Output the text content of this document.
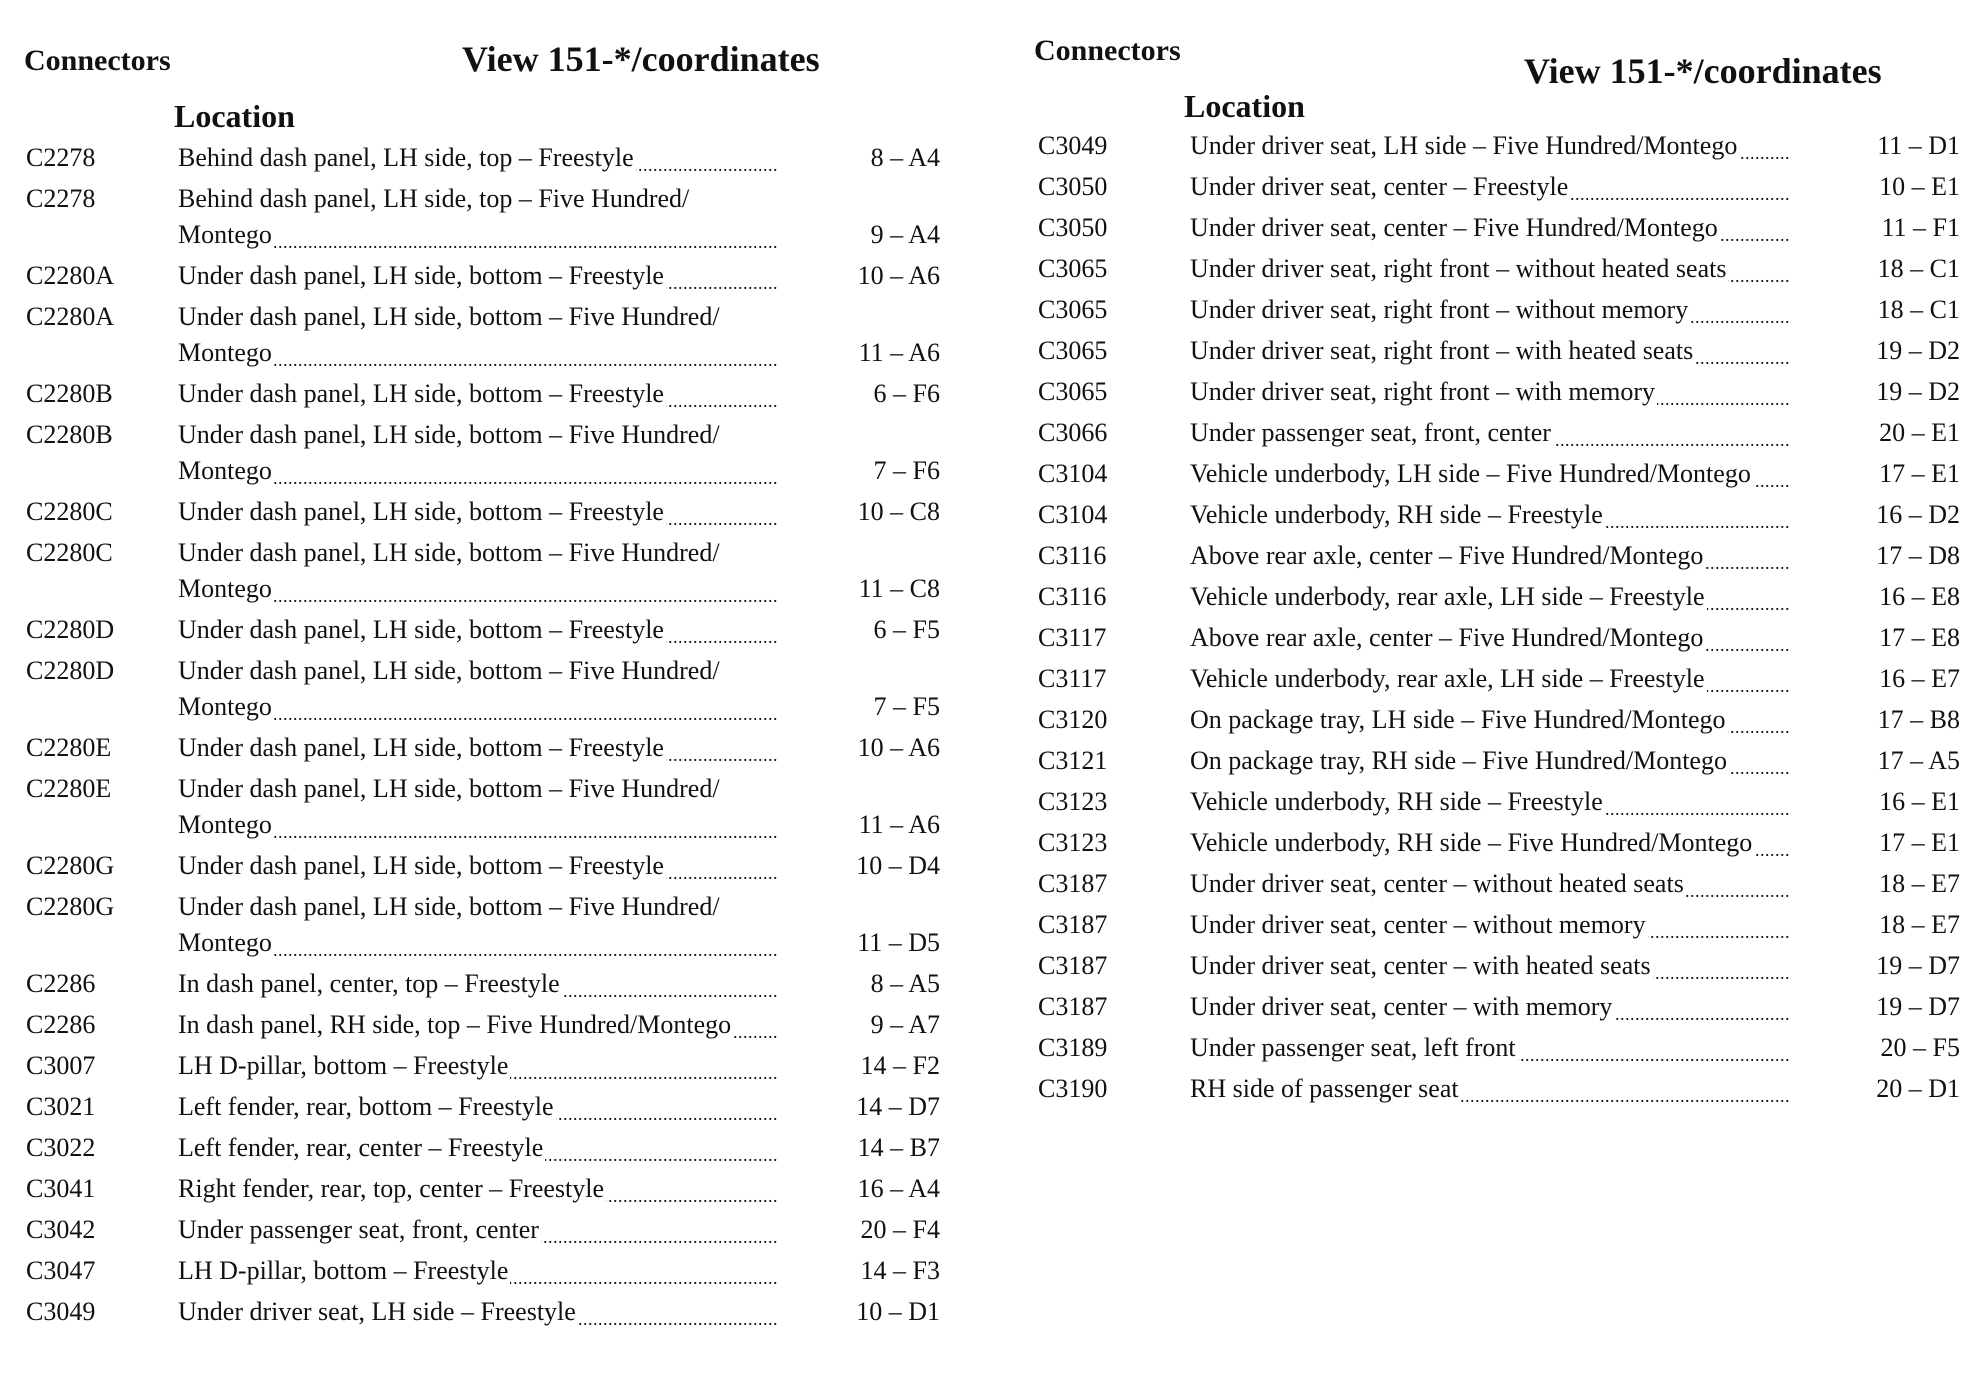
Connectors	View 151-*/coordinates
Location
C2278	Behind dash panel, LH side, top – Freestyle . . .	8 – A4
C2278	Behind dash panel, LH side, top – Five Hundred/ Montego . . .	9 – A4
C2280A Under dash panel, LH side, bottom – Freestyle . . .	10 – A6
C2280A Under dash panel, LH side, bottom – Five Hundred/ Montego . . .	11 – A6
C2280B	Under dash panel, LH side, bottom – Freestyle . . .	6 – F6
C2280B	Under dash panel, LH side, bottom – Five Hundred/ Montego . . .	7 – F6
C2280C	Under dash panel, LH side, bottom – Freestyle . . .	10 – C8
C2280C	Under dash panel, LH side, bottom – Five Hundred/ Montego . . .	11 – C8
C2280D Under dash panel, LH side, bottom – Freestyle . . .	6 – F5
C2280D Under dash panel, LH side, bottom – Five Hundred/ Montego . . .	7 – F5
C2280E	Under dash panel, LH side, bottom – Freestyle . . .	10 – A6
C2280E	Under dash panel, LH side, bottom – Five Hundred/ Montego . . .	11 – A6
C2280G Under dash panel, LH side, bottom – Freestyle . . .	10 – D4
C2280G Under dash panel, LH side, bottom – Five Hundred/ Montego . . .	11 – D5
C2286	In dash panel, center, top – Freestyle . . .	8 – A5
C2286	In dash panel, RH side, top – Five Hundred/Montego . . .	9 – A7
C3007	LH D-pillar, bottom – Freestyle . . .	14 – F2
C3021	Left fender, rear, bottom – Freestyle . . .	14 – D7
C3022	Left fender, rear, center – Freestyle . . .	14 – B7
C3041	Right fender, rear, top, center – Freestyle . . .	16 – A4
C3042	Under passenger seat, front, center . . .	20 – F4
C3047	LH D-pillar, bottom – Freestyle . . .	14 – F3
C3049	Under driver seat, LH side – Freestyle . . .	10 – D1
Connectors
View 151-*/coordinates
Location
C3049	Under driver seat, LH side – Five Hundred/Montego . . .	11 – D1
C3050	Under driver seat, center – Freestyle . . .	10 – E1
C3050	Under driver seat, center – Five Hundred/Montego . . .	11 – F1
C3065	Under driver seat, right front – without heated seats . . .	18 – C1
C3065	Under driver seat, right front – without memory . . .	18 – C1
C3065	Under driver seat, right front – with heated seats . . .	19 – D2
C3065	Under driver seat, right front – with memory . . .	19 – D2
C3066	Under passenger seat, front, center . . .	20 – E1
C3104	Vehicle underbody, LH side – Five Hundred/Montego . . .	17 – E1
C3104	Vehicle underbody, RH side – Freestyle . . .	16 – D2
C3116	Above rear axle, center – Five Hundred/Montego . . .	17 – D8
C3116	Vehicle underbody, rear axle, LH side – Freestyle . . .	16 – E8
C3117	Above rear axle, center – Five Hundred/Montego . . .	17 – E8
C3117	Vehicle underbody, rear axle, LH side – Freestyle . . .	16 – E7
C3120	On package tray, LH side – Five Hundred/Montego . . .	17 – B8
C3121	On package tray, RH side – Five Hundred/Montego . . .	17 – A5
C3123	Vehicle underbody, RH side – Freestyle . . .	16 – E1
C3123	Vehicle underbody, RH side – Five Hundred/Montego . . .	17 – E1
C3187	Under driver seat, center – without heated seats . . .	18 – E7
C3187	Under driver seat, center – without memory . . .	18 – E7
C3187	Under driver seat, center – with heated seats . . .	19 – D7
C3187	Under driver seat, center – with memory . . .	19 – D7
C3189	Under passenger seat, left front . . .	20 – F5
C3190	RH side of passenger seat . . .	20 – D1
